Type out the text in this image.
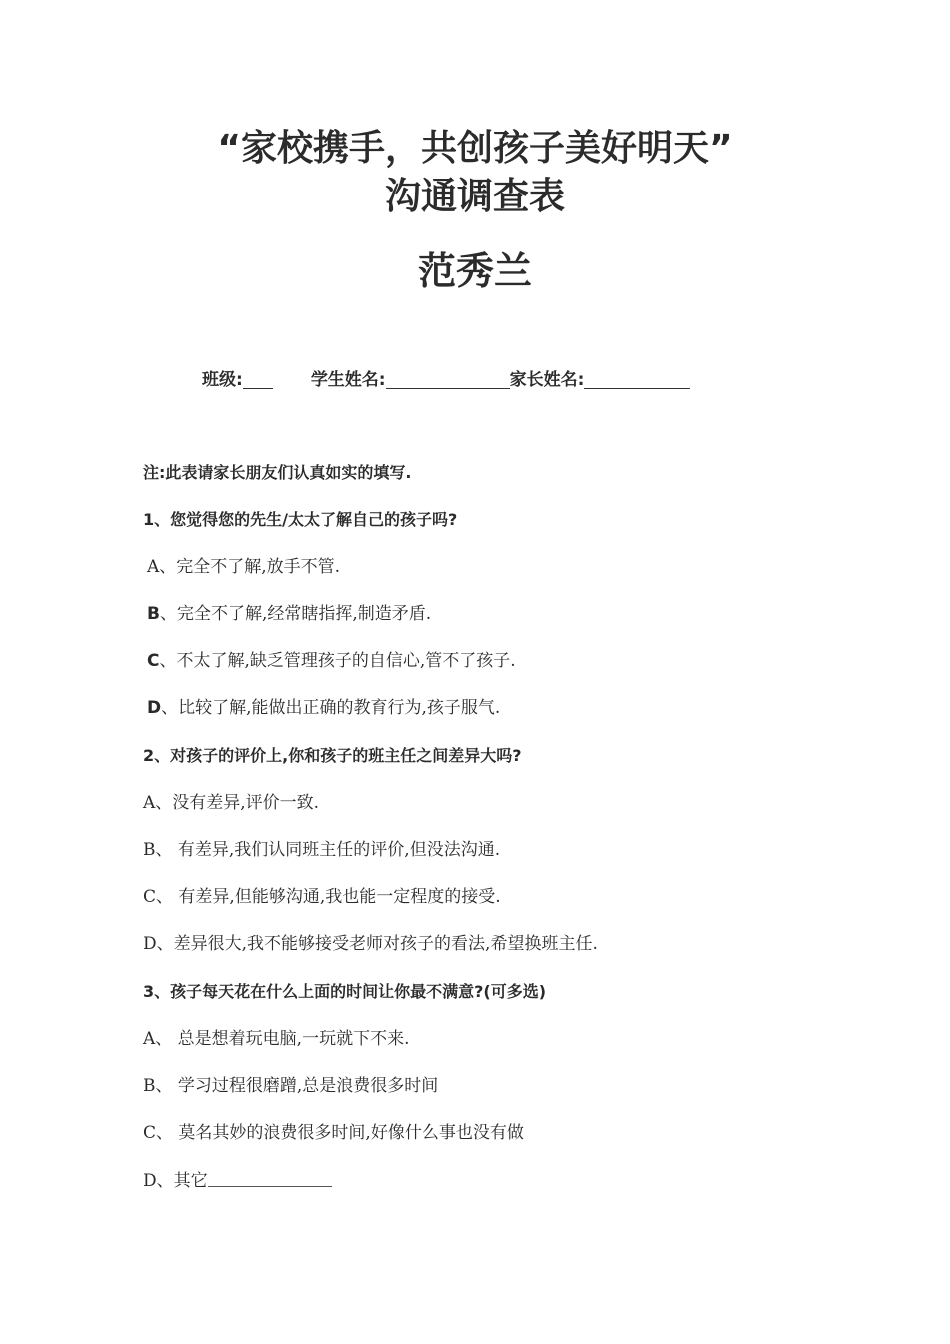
“家校携手，共创孩子美好明天”
沟通调查表
范秀兰
班级:	学生姓名:	家长姓名:
注:此表请家长朋友们认真如实的填写.
1、您觉得您的先生/太太了解自己的孩子吗?
A、完全不了解,放手不管.
B、完全不了解,经常瞎指挥,制造矛盾.
C、不太了解,缺乏管理孩子的自信心,管不了孩子.
D、比较了解,能做出正确的教育行为,孩子服气.
2、对孩子的评价上,你和孩子的班主任之间差异大吗?
A、没有差异,评价一致.
B、 有差异,我们认同班主任的评价,但没法沟通.
C、 有差异,但能够沟通,我也能一定程度的接受.
D、差异很大,我不能够接受老师对孩子的看法,希望换班主任.
3、孩子每天花在什么上面的时间让你最不满意?(可多选)
A、 总是想着玩电脑,一玩就下不来.
B、 学习过程很磨蹭,总是浪费很多时间
C、 莫名其妙的浪费很多时间,好像什么事也没有做
D、其它
